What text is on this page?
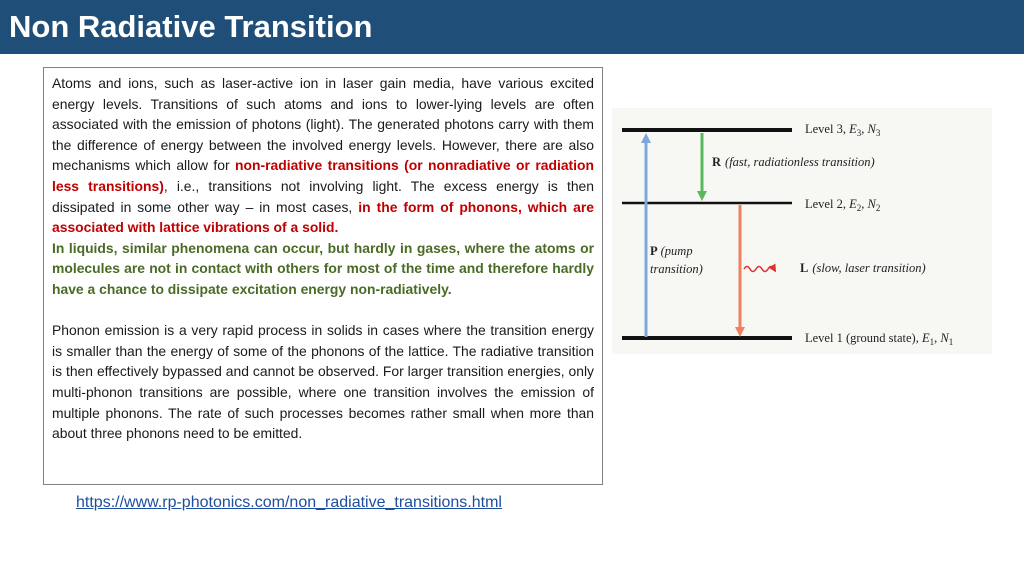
Non Radiative Transition

Atoms and ions, such as laser-active ion in laser gain media, have various excited energy levels. Transitions of such atoms and ions to lower-lying levels are often associated with the emission of photons (light). The generated photons carry with them the difference of energy between the involved energy levels. However, there are also mechanisms which allow for non-radiative transitions (or nonradiative or radiation less transitions), i.e., transitions not involving light. The excess energy is then dissipated in some other way – in most cases, in the form of phonons, which are associated with lattice vibrations of a solid.

In liquids, similar phenomena can occur, but hardly in gases, where the atoms or molecules are not in contact with others for most of the time and therefore hardly have a chance to dissipate excitation energy non-radiatively.

Phonon emission is a very rapid process in solids in cases where the transition energy is smaller than the energy of some of the phonons of the lattice. The radiative transition is then effectively bypassed and cannot be observed. For larger transition energies, only multi-phonon transitions are possible, where one transition involves the emission of multiple phonons. The rate of such processes becomes rather small when more than about three phonons need to be emitted.

https://www.rp-photonics.com/non_radiative_transitions.html
Level 3, $E_3$, $N_3$
Level 2, $E_2$, $N_2$
Level 1 (ground state), $E_1$, $N_1$
R (fast, radiationless transition)
P (pump
transition)	L (slow, laser transition)
